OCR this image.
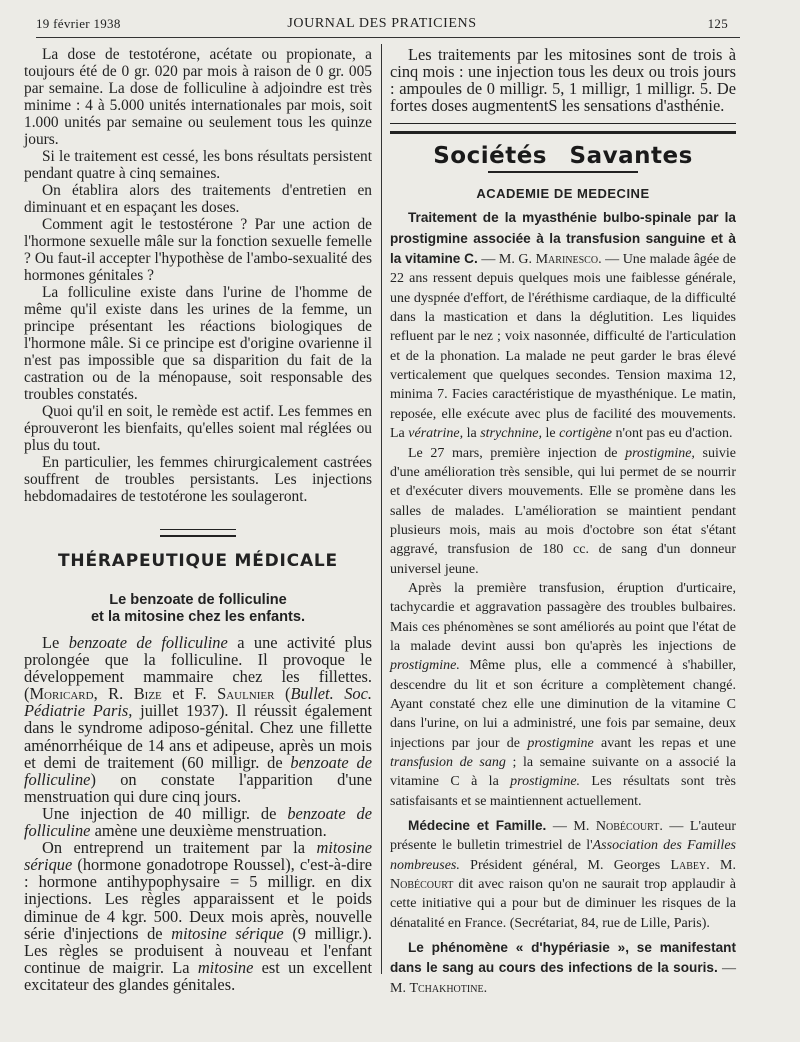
19 février 1938	JOURNAL DES PRATICIENS	125

La dose de testotérone, acétate ou propionate, a toujours été de 0 gr. 020 par mois à raison de 0 gr. 005 par semaine. La dose de folliculine à adjoindre est très minime : 4 à 5.000 unités internationales par mois, soit 1.000 unités par semaine ou seulement tous les quinze jours.

Si le traitement est cessé, les bons résultats persistent pendant quatre à cinq semaines.

On établira alors des traitements d'entretien en diminuant et en espaçant les doses.

Comment agit le testostérone ? Par une action de l'hormone sexuelle mâle sur la fonction sexuelle femelle ? Ou faut-il accepter l'hypothèse de l'ambo-sexualité des hormones génitales ?

La folliculine existe dans l'urine de l'homme de même qu'il existe dans les urines de la femme, un principe présentant les réactions biologiques de l'hormone mâle. Si ce principe est d'origine ovarienne il n'est pas impossible que sa disparition du fait de la castration ou de la ménopause, soit responsable des troubles constatés.

Quoi qu'il en soit, le remède est actif. Les femmes en éprouveront les bienfaits, qu'elles soient mal réglées ou plus du tout.

En particulier, les femmes chirurgicalement castrées souffrent de troubles persistants. Les injections hebdomadaires de testotérone les soulageront.

THÉRAPEUTIQUE MÉDICALE
Le benzoate de folliculine
et la mitosine chez les enfants.

Le benzoate de folliculine a une activité plus prolongée que la folliculine. Il provoque le développement mammaire chez les fillettes. (Moricard, R. Bize et F. Saulnier (Bullet. Soc. Pédiatrie Paris, juillet 1937). Il réussit également dans le syndrome adiposo-génital. Chez une fillette aménorrhéique de 14 ans et adipeuse, après un mois et demi de traitement (60 milligr. de benzoate de folliculine) on constate l'apparition d'une menstruation qui dure cinq jours.

Une injection de 40 milligr. de benzoate de folliculine amène une deuxième menstruation.

On entreprend un traitement par la mitosine sérique (hormone gonadotrope Roussel), c'est-à-dire : hormone antihypophysaire = 5 milligr. en dix injections. Les règles apparaissent et le poids diminue de 4 kgr. 500. Deux mois après, nouvelle série d'injections de mitosine sérique (9 milligr.). Les règles se produisent à nouveau et l'enfant continue de maigrir. La mitosine est un excellent excitateur des glandes génitales.

Les traitements par les mitosines sont de trois à cinq mois : une injection tous les deux ou trois jours : ampoules de 0 milligr. 5, 1 milligr, 1 milligr. 5. De fortes doses augmententS les sensations d'asthénie.

Sociétés Savantes
ACADEMIE DE MEDECINE

Traitement de la myasthénie bulbo-spinale par la prostigmine associée à la transfusion sanguine et à la vitamine C. — M. G. Marinesco. — Une malade âgée de 22 ans ressent depuis quelques mois une faiblesse générale, une dyspnée d'effort, de l'éréthisme cardiaque, de la difficulté dans la mastication et dans la déglutition. Les liquides refluent par le nez ; voix nasonnée, difficulté de l'articulation et de la phonation. La malade ne peut garder le bras élevé verticalement que quelques secondes. Tension maxima 12, minima 7. Facies caractéristique de myasthénique. Le matin, reposée, elle exécute avec plus de facilité des mouvements. La vératrine, la strychnine, le cortigène n'ont pas eu d'action.

Le 27 mars, première injection de prostigmine, suivie d'une amélioration très sensible, qui lui permet de se nourrir et d'exécuter divers mouvements. Elle se promène dans les salles de malades. L'amélioration se maintient pendant plusieurs mois, mais au mois d'octobre son état s'étant aggravé, transfusion de 180 cc. de sang d'un donneur universel jeune.

Après la première transfusion, éruption d'urticaire, tachycardie et aggravation passagère des troubles bulbaires. Mais ces phénomènes se sont améliorés au point que l'état de la malade devint aussi bon qu'après les injections de prostigmine. Même plus, elle a commencé à s'habiller, descendre du lit et son écriture a complètement changé. Ayant constaté chez elle une diminution de la vitamine C dans l'urine, on lui a administré, une fois par semaine, deux injections par jour de prostigmine avant les repas et une transfusion de sang ; la semaine suivante on a associé la vitamine C à la prostigmine. Les résultats sont très satisfaisants et se maintiennent actuellement.

Médecine et Famille. — M. Nobécourt. — L'auteur présente le bulletin trimestriel de l'Association des Familles nombreuses. Président général, M. Georges Labey. M. Nobécourt dit avec raison qu'on ne saurait trop applaudir à cette initiative qui a pour but de diminuer les risques de la dénatalité en France. (Secrétariat, 84, rue de Lille, Paris).

Le phénomène « d'hypériasie », se manifestant dans le sang au cours des infections de la souris. — M. Tchakhotine.
